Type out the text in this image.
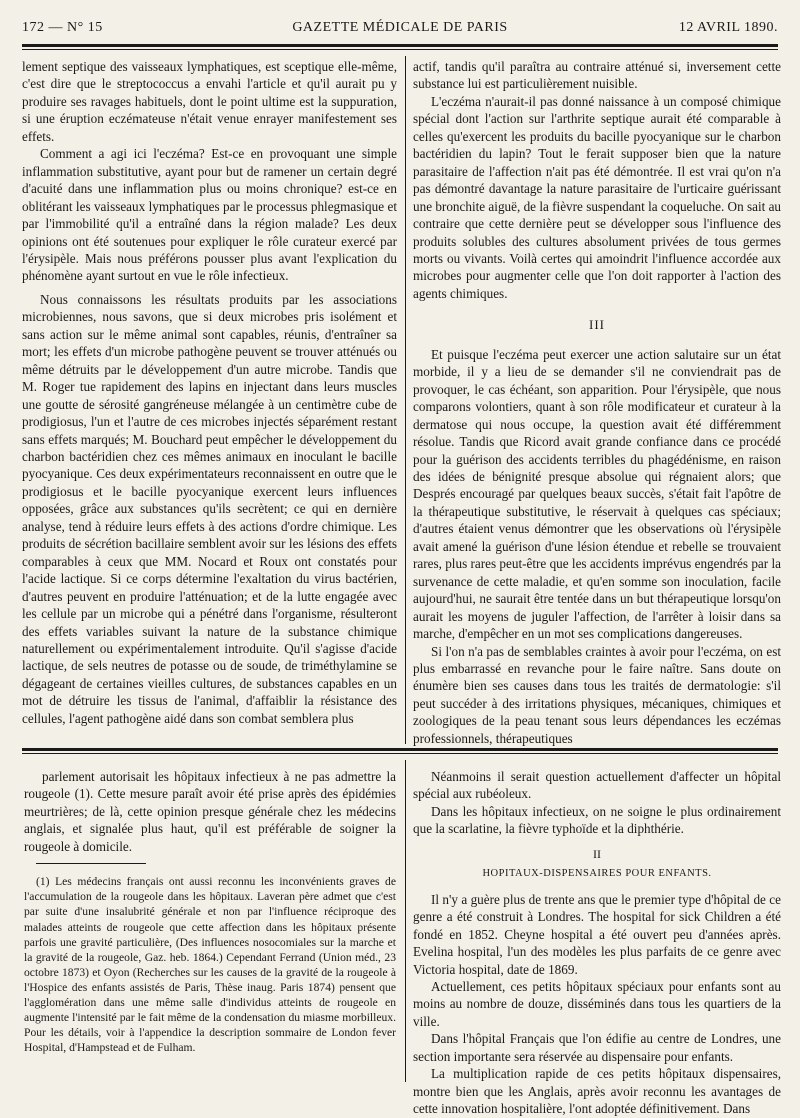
172 — N° 15	GAZETTE MÉDICALE DE PARIS	12 AVRIL 1890.

lement septique des vaisseaux lymphatiques, est sceptique elle-même, c'est dire que le streptococcus a envahi l'article et qu'il aurait pu y produire ses ravages habituels, dont le point ultime est la suppuration, si une éruption eczémateuse n'était venue enrayer manifestement ses effets.

Comment a agi ici l'eczéma? Est-ce en provoquant une simple inflammation substitutive, ayant pour but de ramener un certain degré d'acuité dans une inflammation plus ou moins chronique? est-ce en oblitérant les vaisseaux lymphatiques par le processus phlegmasique et par l'immobilité qu'il a entraîné dans la région malade? Les deux opinions ont été soutenues pour expliquer le rôle curateur exercé par l'érysipèle. Mais nous préférons pousser plus avant l'explication du phénomène ayant surtout en vue le rôle infectieux.

Nous connaissons les résultats produits par les associations microbiennes, nous savons, que si deux microbes pris isolément et sans action sur le même animal sont capables, réunis, d'entraîner sa mort; les effets d'un microbe pathogène peuvent se trouver atténués ou même détruits par le développement d'un autre microbe. Tandis que M. Roger tue rapidement des lapins en injectant dans leurs muscles une goutte de sérosité gangréneuse mélangée à un centimètre cube de prodigiosus, l'un et l'autre de ces microbes injectés séparément restant sans effets marqués; M. Bouchard peut empêcher le développement du charbon bactéridien chez ces mêmes animaux en inoculant le bacille pyocyanique. Ces deux expérimentateurs reconnaissent en outre que le prodigiosus et le bacille pyocyanique exercent leurs influences opposées, grâce aux substances qu'ils secrètent; ce qui en dernière analyse, tend à réduire leurs effets à des actions d'ordre chimique. Les produits de sécrétion bacillaire semblent avoir sur les lésions des effets comparables à ceux que MM. Nocard et Roux ont constatés pour l'acide lactique. Si ce corps détermine l'exaltation du virus bactérien, d'autres peuvent en produire l'atténuation; et de la lutte engagée avec les cellule par un microbe qui a pénétré dans l'organisme, résulteront des effets variables suivant la nature de la substance chimique naturellement ou expérimentalement introduite. Qu'il s'agisse d'acide lactique, de sels neutres de potasse ou de soude, de triméthylamine se dégageant de certaines vieilles cultures, de substances capables en un mot de détruire les tissus de l'animal, d'affaiblir la résistance des cellules, l'agent pathogène aidé dans son combat semblera plus

actif, tandis qu'il paraîtra au contraire atténué si, inversement cette substance lui est particulièrement nuisible.

L'eczéma n'aurait-il pas donné naissance à un composé chimique spécial dont l'action sur l'arthrite septique aurait été comparable à celles qu'exercent les produits du bacille pyocyanique sur le charbon bactéridien du lapin? Tout le ferait supposer bien que la nature parasitaire de l'affection n'ait pas été démontrée. Il est vrai qu'on n'a pas démontré davantage la nature parasitaire de l'urticaire guérissant une bronchite aiguë, de la fièvre suspendant la coqueluche. On sait au contraire que cette dernière peut se développer sous l'influence des produits solubles des cultures absolument privées de tous germes morts ou vivants. Voilà certes qui amoindrit l'influence accordée aux microbes pour augmenter celle que l'on doit rapporter à l'action des agents chimiques.

III

Et puisque l'eczéma peut exercer une action salutaire sur un état morbide, il y a lieu de se demander s'il ne conviendrait pas de provoquer, le cas échéant, son apparition. Pour l'érysipèle, que nous comparons volontiers, quant à son rôle modificateur et curateur à la dermatose qui nous occupe, la question avait été différemment résolue. Tandis que Ricord avait grande confiance dans ce procédé pour la guérison des accidents terribles du phagédénisme, en raison des idées de bénignité presque absolue qui régnaient alors; que Després encouragé par quelques beaux succès, s'était fait l'apôtre de la thérapeutique substitutive, le réservait à quelques cas spéciaux; d'autres étaient venus démontrer que les observations où l'érysipèle avait amené la guérison d'une lésion étendue et rebelle se trouvaient rares, plus rares peut-être que les accidents imprévus engendrés par la survenance de cette maladie, et qu'en somme son inoculation, facile aujourd'hui, ne saurait être tentée dans un but thérapeutique lorsqu'on aurait les moyens de juguler l'affection, de l'arrêter à loisir dans sa marche, d'empêcher en un mot ses complications dangereuses.

Si l'on n'a pas de semblables craintes à avoir pour l'eczéma, on est plus embarrassé en revanche pour le faire naître. Sans doute on énumère bien ses causes dans tous les traités de dermatologie: s'il peut succéder à des irritations physiques, mécaniques, chimiques et zoologiques de la peau tenant sous leurs dépendances les eczémas professionnels, thérapeutiques

parlement autorisait les hôpitaux infectieux à ne pas admettre la rougeole (1). Cette mesure paraît avoir été prise après des épidémies meurtrières; de là, cette opinion presque générale chez les médecins anglais, et signalée plus haut, qu'il est préférable de soigner la rougeole à domicile.

(1) Les médecins français ont aussi reconnu les inconvénients graves de l'accumulation de la rougeole dans les hôpitaux. Laveran père admet que c'est par suite d'une insalubrité générale et non par l'influence réciproque des malades atteints de rougeole que cette affection dans les hôpitaux présente parfois une gravité particulière, (Des influences nosocomiales sur la marche et la gravité de la rougeole, Gaz. heb. 1864.) Cependant Ferrand (Union méd., 23 octobre 1873) et Oyon (Recherches sur les causes de la gravité de la rougeole à l'Hospice des enfants assistés de Paris, Thèse inaug. Paris 1874) pensent que l'agglomération dans une même salle d'individus atteints de rougeole en augmente l'intensité par le fait même de la condensation du miasme morbilleux. Pour les détails, voir à l'appendice la description sommaire de London fever Hospital, d'Hampstead et de Fulham.

Néanmoins il serait question actuellement d'affecter un hôpital spécial aux rubéoleux.

Dans les hôpitaux infectieux, on ne soigne le plus ordinairement que la scarlatine, la fièvre typhoïde et la diphthérie.

II
HOPITAUX-DISPENSAIRES POUR ENFANTS.

Il n'y a guère plus de trente ans que le premier type d'hôpital de ce genre a été construit à Londres. The hospital for sick Children a été fondé en 1852. Cheyne hospital a été ouvert peu d'années après. Evelina hospital, l'un des modèles les plus parfaits de ce genre avec Victoria hospital, date de 1869.

Actuellement, ces petits hôpitaux spéciaux pour enfants sont au moins au nombre de douze, disséminés dans tous les quartiers de la ville.

Dans l'hôpital Français que l'on édifie au centre de Londres, une section importante sera réservée au dispensaire pour enfants.

La multiplication rapide de ces petits hôpitaux dispensaires, montre bien que les Anglais, après avoir reconnu les avantages de cette innovation hospitalière, l'ont adoptée définitivement. Dans
